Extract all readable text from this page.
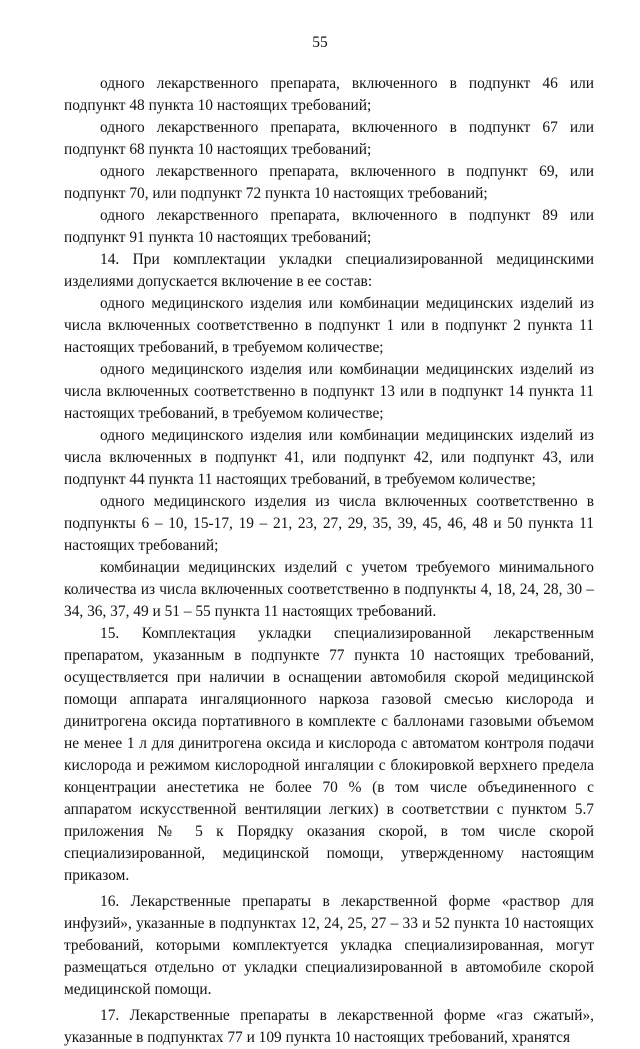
55

одного лекарственного препарата, включенного в подпункт 46 или подпункт 48 пункта 10 настоящих требований;

одного лекарственного препарата, включенного в подпункт 67 или подпункт 68 пункта 10 настоящих требований;

одного лекарственного препарата, включенного в подпункт 69, или подпункт 70, или подпункт 72 пункта 10 настоящих требований;

одного лекарственного препарата, включенного в подпункт 89 или подпункт 91 пункта 10 настоящих требований;

14. При комплектации укладки специализированной медицинскими изделиями допускается включение в ее состав:

одного медицинского изделия или комбинации медицинских изделий из числа включенных соответственно в подпункт 1 или в подпункт 2 пункта 11 настоящих требований, в требуемом количестве;

одного медицинского изделия или комбинации медицинских изделий из числа включенных соответственно в подпункт 13 или в подпункт 14 пункта 11 настоящих требований, в требуемом количестве;

одного медицинского изделия или комбинации медицинских изделий из числа включенных в подпункт 41, или подпункт 42, или подпункт 43, или подпункт 44 пункта 11 настоящих требований, в требуемом количестве;

одного медицинского изделия из числа включенных соответственно в подпункты 6 – 10, 15-17, 19 – 21, 23, 27, 29, 35, 39, 45, 46, 48 и 50 пункта 11 настоящих требований;

комбинации медицинских изделий с учетом требуемого минимального количества из числа включенных соответственно в подпункты 4, 18, 24, 28, 30 – 34, 36, 37, 49 и 51 – 55 пункта 11 настоящих требований.

15. Комплектация укладки специализированной лекарственным препаратом, указанным в подпункте 77 пункта 10 настоящих требований, осуществляется при наличии в оснащении автомобиля скорой медицинской помощи аппарата ингаляционного наркоза газовой смесью кислорода и динитрогена оксида портативного в комплекте с баллонами газовыми объемом не менее 1 л для динитрогена оксида и кислорода с автоматом контроля подачи кислорода и режимом кислородной ингаляции с блокировкой верхнего предела концентрации анестетика не более 70 % (в том числе объединенного с аппаратом искусственной вентиляции легких) в соответствии с пунктом 5.7 приложения № 5 к Порядку оказания скорой, в том числе скорой специализированной, медицинской помощи, утвержденному настоящим приказом.

16. Лекарственные препараты в лекарственной форме «раствор для инфузий», указанные в подпунктах 12, 24, 25, 27 – 33 и 52 пункта 10 настоящих требований, которыми комплектуется укладка специализированная, могут размещаться отдельно от укладки специализированной в автомобиле скорой медицинской помощи.

17. Лекарственные препараты в лекарственной форме «газ сжатый», указанные в подпунктах 77 и 109 пункта 10 настоящих требований, хранятся
